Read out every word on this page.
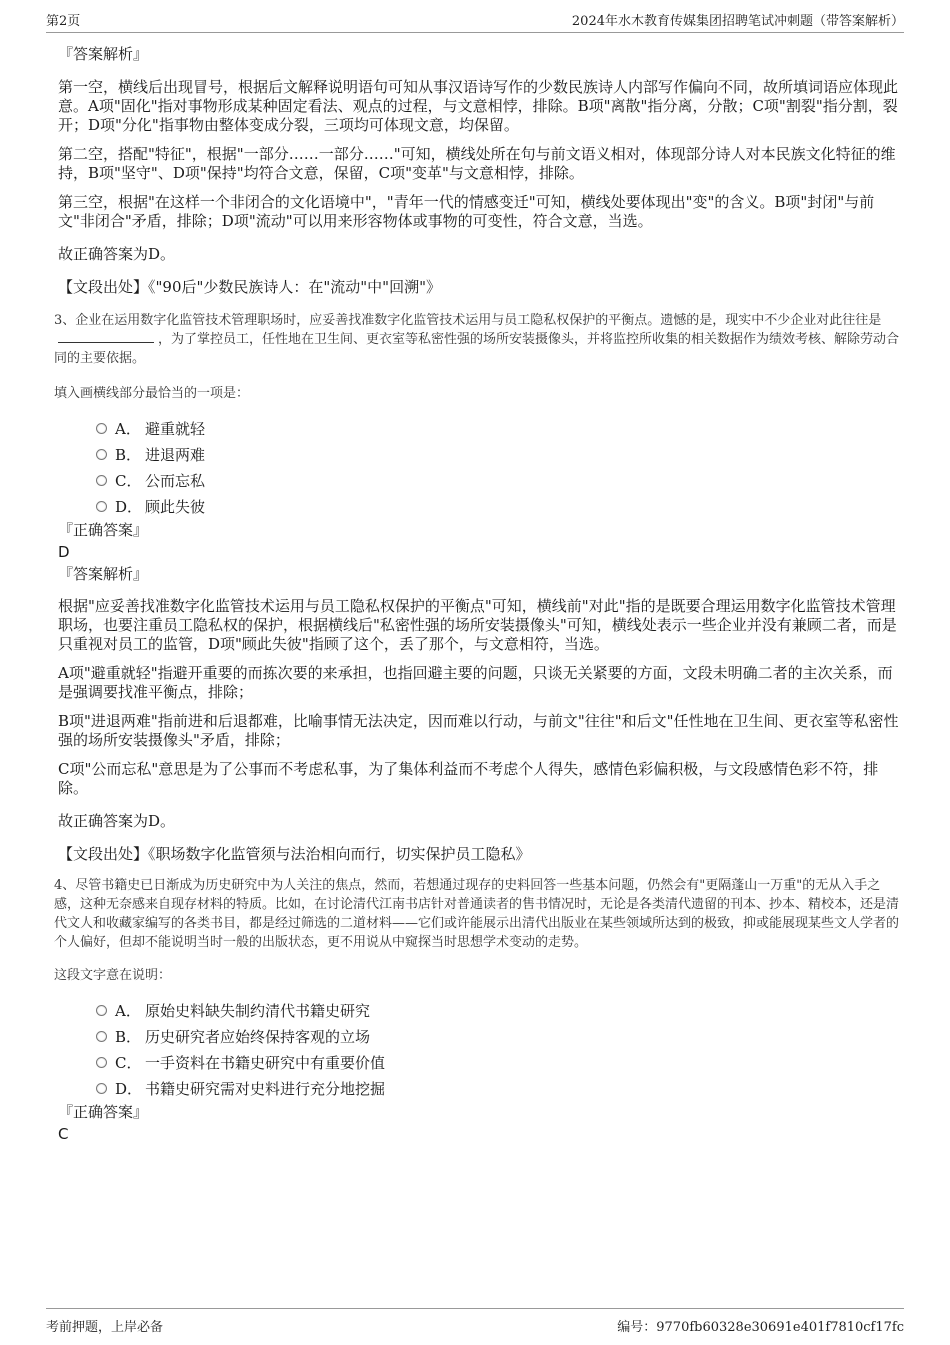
第2页	2024年水木教育传媒集团招聘笔试冲刺题（带答案解析）
『答案解析』

第一空，横线后出现冒号，根据后文解释说明语句可知从事汉语诗写作的少数民族诗人内部写作偏向不同，故所填词语应体现此意。A项"固化"指对事物形成某种固定看法、观点的过程，与文意相悖，排除。B项"离散"指分离，分散；C项"割裂"指分割，裂开；D项"分化"指事物由整体变成分裂，三项均可体现文意，均保留。

第二空，搭配"特征"，根据"一部分……一部分……"可知，横线处所在句与前文语义相对，体现部分诗人对本民族文化特征的维持，B项"坚守"、D项"保持"均符合文意，保留，C项"变革"与文意相悖，排除。

第三空，根据"在这样一个非闭合的文化语境中"，"青年一代的情感变迁"可知，横线处要体现出"变"的含义。B项"封闭"与前文"非闭合"矛盾，排除；D项"流动"可以用来形容物体或事物的可变性，符合文意，当选。

故正确答案为D。

【文段出处】《"90后"少数民族诗人：在"流动"中"回溯"》

3、企业在运用数字化监管技术管理职场时，应妥善找准数字化监管技术运用与员工隐私权保护的平衡点。遗憾的是，现实中不少企业对此往往是，为了掌控员工，任性地在卫生间、更衣室等私密性强的场所安装摄像头，并将监控所收集的相关数据作为绩效考核、解除劳动合同的主要依据。

填入画横线部分最恰当的一项是：

A． 避重就轻
B． 进退两难
C． 公而忘私
D． 顾此失彼
『正确答案』
D
『答案解析』

根据"应妥善找准数字化监管技术运用与员工隐私权保护的平衡点"可知，横线前"对此"指的是既要合理运用数字化监管技术管理职场，也要注重员工隐私权的保护，根据横线后"私密性强的场所安装摄像头"可知，横线处表示一些企业并没有兼顾二者，而是只重视对员工的监管，D项"顾此失彼"指顾了这个，丢了那个，与文意相符，当选。

A项"避重就轻"指避开重要的而拣次要的来承担，也指回避主要的问题，只谈无关紧要的方面，文段未明确二者的主次关系，而是强调要找准平衡点，排除；

B项"进退两难"指前进和后退都难，比喻事情无法决定，因而难以行动，与前文"往往"和后文"任性地在卫生间、更衣室等私密性强的场所安装摄像头"矛盾，排除；

C项"公而忘私"意思是为了公事而不考虑私事，为了集体利益而不考虑个人得失，感情色彩偏积极，与文段感情色彩不符，排除。

故正确答案为D。

【文段出处】《职场数字化监管须与法治相向而行，切实保护员工隐私》

4、尽管书籍史已日渐成为历史研究中为人关注的焦点，然而，若想通过现存的史料回答一些基本问题，仍然会有"更隔蓬山一万重"的无从入手之感，这种无奈感来自现存材料的特质。比如，在讨论清代江南书店针对普通读者的售书情况时，无论是各类清代遗留的刊本、抄本、精校本，还是清代文人和收藏家编写的各类书目，都是经过筛选的二道材料——它们或许能展示出清代出版业在某些领域所达到的极致，抑或能展现某些文人学者的个人偏好，但却不能说明当时一般的出版状态，更不用说从中窥探当时思想学术变动的走势。

这段文字意在说明：

A． 原始史料缺失制约清代书籍史研究
B． 历史研究者应始终保持客观的立场
C． 一手资料在书籍史研究中有重要价值
D． 书籍史研究需对史料进行充分地挖掘
『正确答案』
C
考前押题，上岸必备	编号：9770fb60328e30691e401f7810cf17fc
